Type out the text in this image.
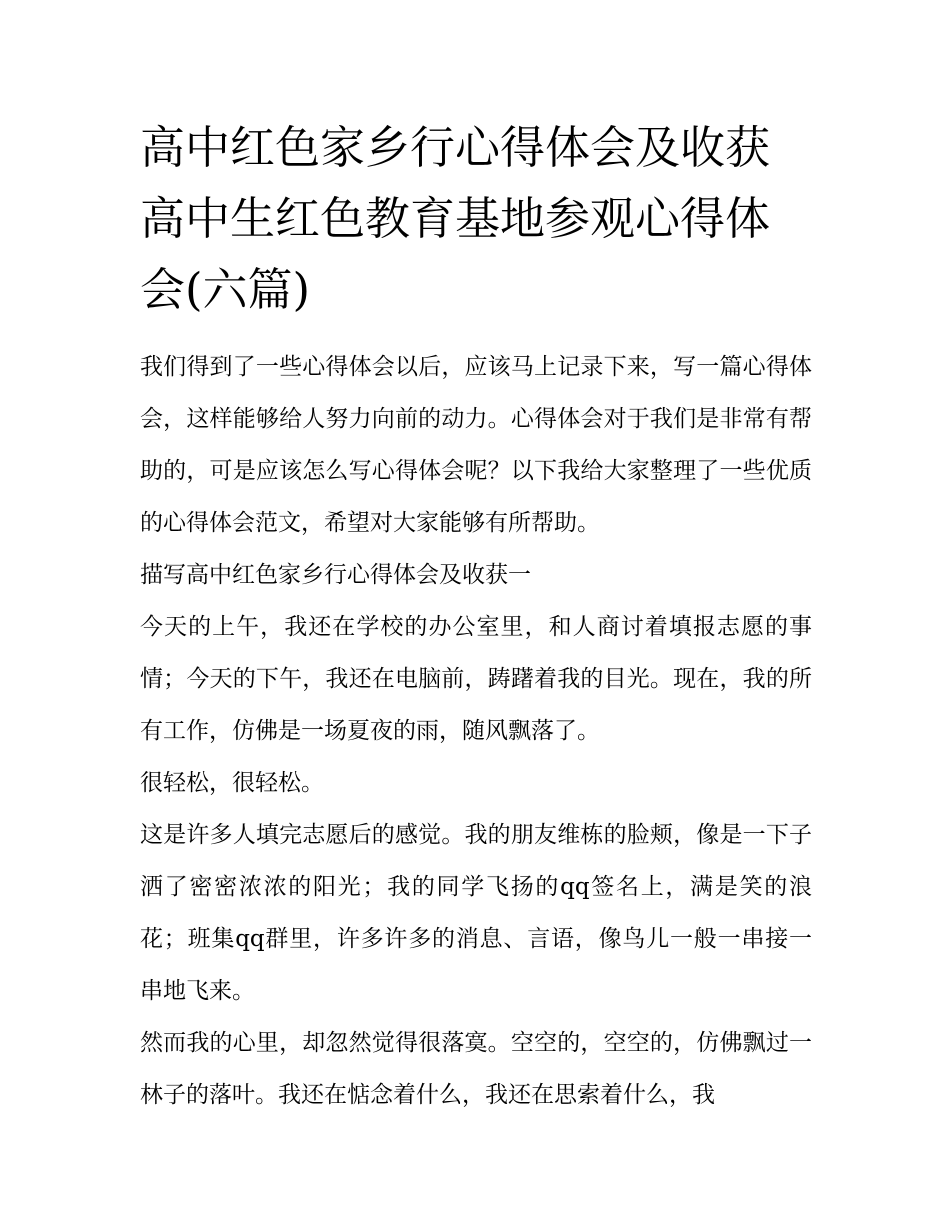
高中红色家乡行心得体会及收获 高中生红色教育基地参观心得体会(六篇)

我们得到了一些心得体会以后，应该马上记录下来，写一篇心得体会，这样能够给人努力向前的动力。心得体会对于我们是非常有帮助的，可是应该怎么写心得体会呢？以下我给大家整理了一些优质的心得体会范文，希望对大家能够有所帮助。

描写高中红色家乡行心得体会及收获一

今天的上午，我还在学校的办公室里，和人商讨着填报志愿的事情；今天的下午，我还在电脑前，踌躇着我的目光。现在，我的所有工作，仿佛是一场夏夜的雨，随风飘落了。

很轻松，很轻松。

这是许多人填完志愿后的感觉。我的朋友维栋的脸颊，像是一下子洒了密密浓浓的阳光；我的同学飞扬的qq签名上，满是笑的浪花；班集qq群里，许多许多的消息、言语，像鸟儿一般一串接一串地飞来。

然而我的心里，却忽然觉得很落寞。空空的，空空的，仿佛飘过一林子的落叶。我还在惦念着什么，我还在思索着什么，我
